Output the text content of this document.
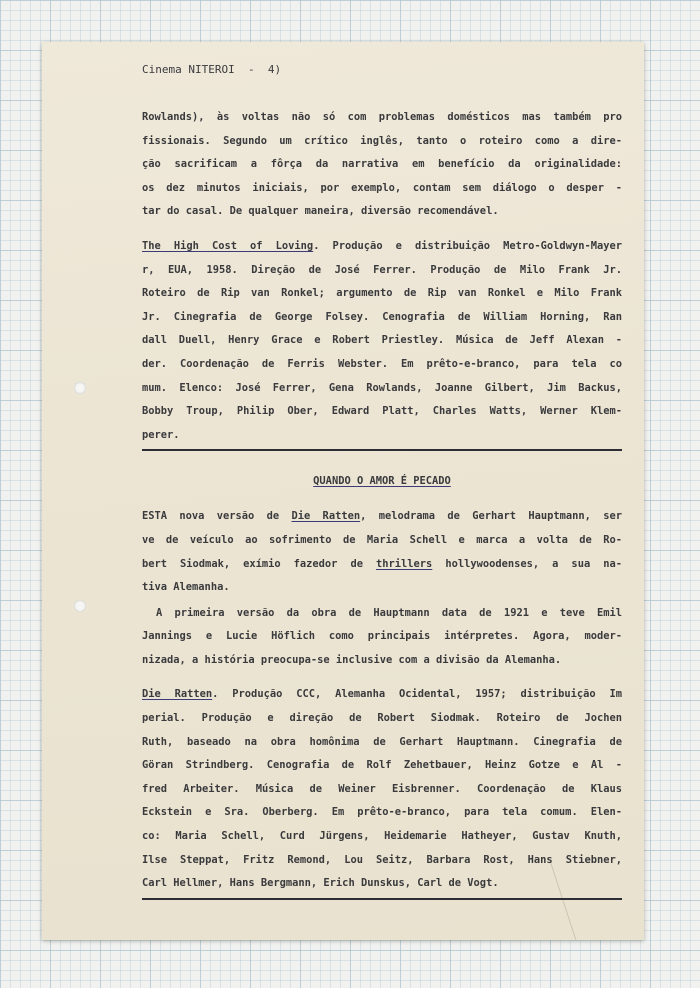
Cinema NITEROI  -  4)
Rowlands), às voltas não só com problemas domésticos mas também pro
fissionais. Segundo um crítico inglês, tanto o roteiro como a dire-
ção sacrificam a fôrça da narrativa em benefício da originalidade:
os dez minutos iniciais, por exemplo, contam sem diálogo o desper -
tar do casal. De qualquer maneira, diversão recomendável.
The High Cost of Loving. Produção e distribuição Metro-Goldwyn-Mayer
r, EUA, 1958. Direção de José Ferrer. Produção de Milo Frank Jr.
Roteiro de Rip van Ronkel; argumento de Rip van Ronkel e Milo Frank
Jr. Cinegrafia de George Folsey. Cenografia de William Horning, Ran
dall Duell, Henry Grace e Robert Priestley. Música de Jeff Alexan -
der. Coordenação de Ferris Webster. Em prêto-e-branco, para tela co
mum. Elenco: José Ferrer, Gena Rowlands, Joanne Gilbert, Jim Backus,
Bobby Troup, Philip Ober, Edward Platt, Charles Watts, Werner Klem-
perer.
QUANDO O AMOR É PECADO
ESTA nova versão de Die Ratten, melodrama de Gerhart Hauptmann, ser
ve de veículo ao sofrimento de Maria Schell e marca a volta de Ro-
bert Siodmak, exímio fazedor de thrillers hollywoodenses, a sua na-
tiva Alemanha.
A primeira versão da obra de Hauptmann data de 1921 e teve Emil
Jannings e Lucie Höflich como principais intérpretes. Agora, moder-
nizada, a história preocupa-se inclusive com a divisão da Alemanha.
Die Ratten. Produção CCC, Alemanha Ocidental, 1957; distribuição Im
perial. Produção e direção de Robert Siodmak. Roteiro de Jochen
Ruth, baseado na obra homônima de Gerhart Hauptmann. Cinegrafia de
Göran Strindberg. Cenografia de Rolf Zehetbauer, Heinz Gotze e Al -
fred Arbeiter. Música de Weiner Eisbrenner. Coordenação de Klaus
Eckstein e Sra. Oberberg. Em prêto-e-branco, para tela comum. Elen-
co: Maria Schell, Curd Jürgens, Heidemarie Hatheyer, Gustav Knuth,
Ilse Steppat, Fritz Remond, Lou Seitz, Barbara Rost, Hans Stiebner,
Carl Hellmer, Hans Bergmann, Erich Dunskus, Carl de Vogt.
